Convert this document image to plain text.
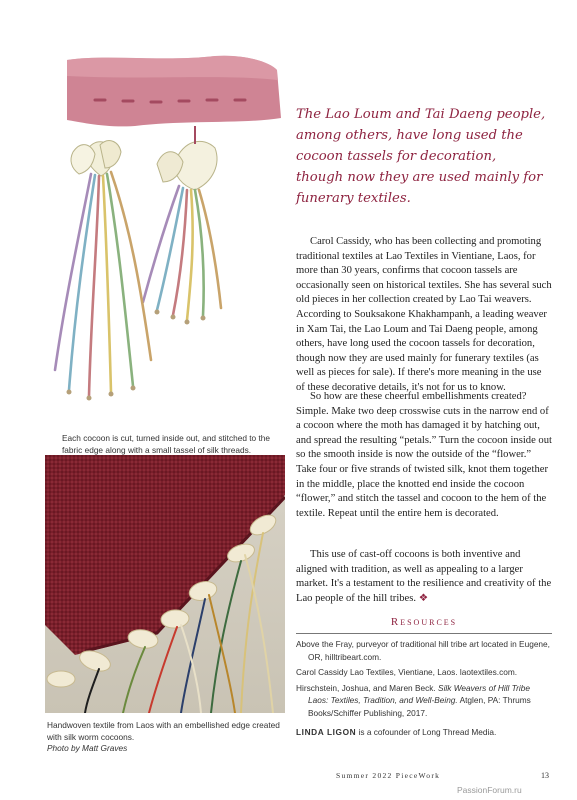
Each cocoon is cut, turned inside out, and stitched to the fabric edge along with a small tassel of silk threads.
The Lao Loum and Tai Daeng people, among others, have long used the cocoon tassels for decoration, though now they are used mainly for funerary textiles.

Carol Cassidy, who has been collecting and promoting traditional textiles at Lao Textiles in Vientiane, Laos, for more than 30 years, confirms that cocoon tassels are occasionally seen on historical textiles. She has several such old pieces in her collection created by Lao Tai weavers. According to Souksakone Khakhampanh, a leading weaver in Xam Tai, the Lao Loum and Tai Daeng people, among others, have long used the cocoon tassels for decoration, though now they are used mainly for funerary textiles (as well as pieces for sale). If there's more meaning in the use of these decorative details, it's not for us to know.

So how are these cheerful embellishments created? Simple. Make two deep crosswise cuts in the narrow end of a cocoon where the moth has damaged it by hatching out, and spread the resulting “petals.” Turn the cocoon inside out so the smooth inside is now the outside of the “flower.” Take four or five strands of twisted silk, knot them together in the middle, place the knotted end inside the cocoon “flower,” and stitch the tassel and cocoon to the hem of the textile. Repeat until the entire hem is decorated.

This use of cast-off cocoons is both inventive and aligned with tradition, as well as appealing to a larger market. It's a testament to the resilience and creativity of the Lao people of the hill tribes. ❖

Handwoven textile from Laos with an embellished edge created with silk worm cocoons.
Photo by Matt Graves
Resources

Above the Fray, purveyor of traditional hill tribe art located in Eugene, OR, hilltribeart.com.

Carol Cassidy Lao Textiles, Vientiane, Laos. laotextiles.com.

Hirschstein, Joshua, and Maren Beck. Silk Weavers of Hill Tribe Laos: Textiles, Tradition, and Well-Being. Atglen, PA: Thrums Books/Schiffer Publishing, 2017.

LINDA LIGON is a cofounder of Long Thread Media.
Summer 2022 PieceWork	13
PassionForum.ru
